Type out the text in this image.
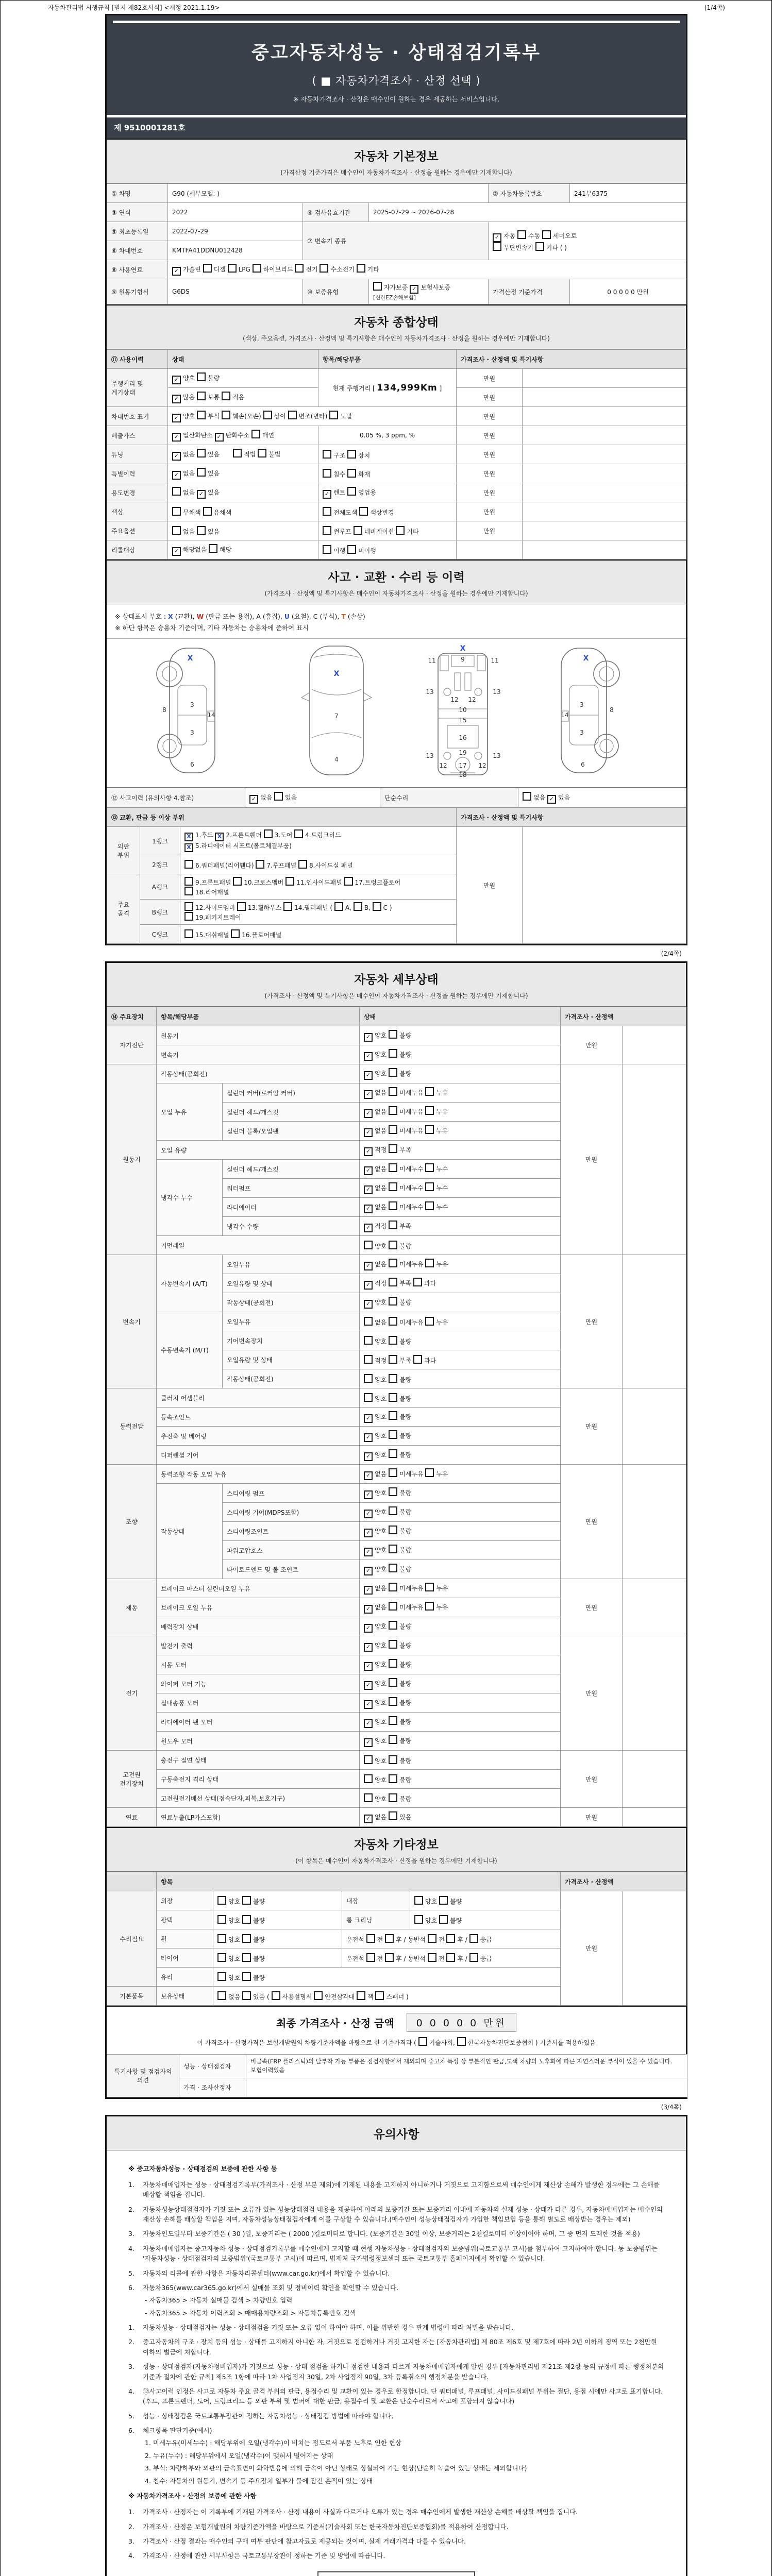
자동차관리법 시행규칙 [별지 제82호서식] <개정 2021.1.19>	(1/4쪽)
중고자동차성능 · 상태점검기록부
( ■ 자동차가격조사 · 산정 선택 )
※ 자동차가격조사 · 산정은 매수인이 원하는 경우 제공하는 서비스입니다.
제 9510001281호
자동차 기본정보
(가격산정 기준가격은 매수인이 자동차가격조사 · 산정을 원하는 경우에만 기재합니다)
① 차명	G90 (세부모델: )			② 자동차등록번호	241부6375
③ 연식	2022	④ 검사유효기간	2025-07-29 ~ 2026-07-28		
⑤ 최초등록일	2022-07-29	⑦ 변속기 종류	✓자동 수동 세미오토
무단변속기 기타 ( )
⑥ 차대번호	KMTFA41DDNU012428				
⑧ 사용연료	✓가솔린 디젤 LPG 하이브리드 전기 수소전기 기타
⑨ 원동기형식	G6DS	⑩ 보증유형	자가보증 ✓보험사보증 [신한EZ손해보험]	가격산정 기준가격	0 0 0 0 0 만원
자동차 종합상태
(색상, 주요옵션, 가격조사 · 산정액 및 특기사항은 매수인이 자동차가격조사 · 산정을 원하는 경우에만 기재합니다)
⑪ 사용이력	상태	항목/해당부품	가격조사 · 산정액 및 특기사항	
주행거리 및 계기상태	✓양호 불량	현재 주행거리 [ 134,999Km ]	만원	
✓많음 보통 적음		만원	
차대번호 표기	✓양호 부식 훼손(오손) 상이 변조(변타) 도말		만원	
배출가스	✓일산화탄소 ✓탄화수소 매연	0.05 %, 3 ppm, %	만원	
튜닝	✓없음 있음 적법 불법	구조 장치	만원	
특별이력	✓없음 있음	침수 화재	만원	
용도변경	없음 ✓있음	✓렌트 영업용	만원	
색상	무채색 유채색	전체도색 색상변경	만원	
주요옵션	없음 있음	썬루프 네비게이션 기타	만원	
리콜대상	✓해당없음 해당	이행 미이행		
사고 · 교환 · 수리 등 이력
(가격조사 · 산정액 및 특기사항은 매수인이 자동차가격조사 · 산정을 원하는 경우에만 기재합니다)
※ 상태표시 부호 : X (교환), W (판금 또는 용접), A (흠집), U (요철), C (부식), T (손상)
※ 하단 항목은 승용차 기준이며, 기타 자동차는 승용차에 준하여 표시
X
8
3
14
3
6
X
7
4
X
11	11
9
13	13
12 12
10
15
16
13	13
19
12 17 12
18
X
8
3
14
3
6
⑫ 사고이력 (유의사항 4.참조)	✓없음 있음	단순수리	없음 ✓있음
⑬ 교환, 판금 등 이상 부위			가격조사 · 산정액 및 특기사항	
외판 부위	1랭크	X1.후드 X2.프론트휀더 3.도어 4.트렁크리드
X5.라디에이터 서포트(볼트체결부품)	만원	
	2랭크	6.쿼더패널(리어휀다) 7.루프패널 8.사이드실 패널		
주요 골격	A랭크	9.프론트패널 10.크로스멤버 11.인사이드패널 17.트렁크플로어
18.리어패널		
	B랭크	12.사이드멤버 13.휠하우스 14.필러패널 ( A, B, C )
19.패키지트레이		
	C랭크	15.대쉬패널 16.플로어패널		
(2/4쪽)
자동차 세부상태
(가격조사 · 산정액 및 특기사항은 매수인이 자동차가격조사 · 산정을 원하는 경우에만 기재합니다)
⑭ 주요장치	항목/해당부품		상태	가격조사 · 산정액	
자기진단	원동기	✓양호 불량	만원	
	변속기	✓양호 불량
원동기	작동상태(공회전)	✓양호 불량	만원	
	오일 누유	실린더 커버(로커암 커버)	✓없음 미세누유 누유
		실린더 헤드/개스킷	✓없음 미세누유 누유
		실린더 블록/오일팬	✓없음 미세누유 누유
	오일 유량	✓적정 부족
	냉각수 누수	실린더 헤드/개스킷	✓없음 미세누수 누수
		워터펌프	✓없음 미세누수 누수
		라디에이터	✓없음 미세누수 누수
		냉각수 수량	✓적정 부족
	커먼레일		양호 불량		
변속기	자동변속기 (A/T)	오일누유	✓없음 미세누유 누유	만원	
		오일유량 및 상태	✓적정 부족 과다
		작동상태(공회전)	✓양호 불량
	수동변속기 (M/T)	오일누유	없음 미세누유 누유		
		기어변속장치	양호 불량		
		오일유량 및 상태	적정 부족 과다		
		작동상태(공회전)	양호 불량		
동력전달	클러치 어셈블리		양호 불량	만원	
	등속조인트	✓양호 불량
	추진축 및 베어링	✓양호 불량
	디퍼렌셜 기어	✓양호 불량
조향	동력조향 작동 오일 누유	✓없음 미세누유 누유	만원	
	작동상태	스티어링 펌프	✓양호 불량
		스티어링 기어(MDPS포함)	✓양호 불량
		스티어링조인트	✓양호 불량
		파워고압호스	✓양호 불량
		타이로드엔드 및 볼 조인트	✓양호 불량
제동	브레이크 마스터 실린더오일 누유	✓없음 미세누유 누유	만원	
	브레이크 오일 누유	✓없음 미세누유 누유
	배력장치 상태	✓양호 불량
전기	발전기 출력	✓양호 불량	만원	
	시동 모터	✓양호 불량
	와이퍼 모터 기능	✓양호 불량
	실내송풍 모터	✓양호 불량
	라디에이터 팬 모터	✓양호 불량
	윈도우 모터	✓양호 불량
고전원 전기장치	충전구 절연 상태		양호 불량	만원	
	구동축전지 격리 상태		양호 불량		
	고전원전기배선 상태(접속단자,피복,보호기구)		양호 불량		
연료	연료누출(LP가스포함)	✓없음 있음	만원	
자동차 기타정보
(이 항목은 매수인이 자동차가격조사 · 산정을 원하는 경우에만 기재합니다)
	항목				가격조사 · 산정액	
수리필요	외장	양호 불량	내장	양호 불량	만원	
	광택	양호 불량	룸 크리닝	양호 불량		
	휠	양호 불량	운전석 전 후 / 동반석 전 후 / 응급			
	타이어	양호 불량	운전석 전 후 / 동반석 전 후 / 응급			
	유리	양호 불량				
기본품목	보유상태	없음 있음 ( 사용설명서 안전삼각대 잭 스패너 )				
최종 가격조사 · 산정 금액	0 0 0 0 0 만원
이 가격조사 · 산정가격은 보험개발원의 차량기준가액을 바탕으로 한 기준가격과 ( 기술사회, 한국자동차진단보증협회 ) 기준서를 적용하였음
특기사항 및 점검자의 의견	성능 · 상태점검자	비금속(FRP 플라스틱)의 탈부착 가능 부품은 점검사항에서 제외되며 중고차 특성 상 부분적인 판금,도색 차량의 노후화에 따른 자연스러운 부식이 있을 수 있습니다. 보험이력있음
	가격 · 조사산정자	
(3/4쪽)
유의사항
※ 중고자동차성능 · 상태점검의 보증에 관한 사항 등
1.	자동차매매업자는 성능 · 상태점검기록부(가격조사 · 산정 부분 제외)에 기재된 내용을 고지하지 아니하거나 거짓으로 고지함으로써 매수인에게 재산상 손해가 발생한 경우에는 그 손해를 배상할 책임을 집니다.
2.	자동차성능상태점검자가 거짓 또는 오류가 있는 성능상태점검 내용을 제공하여 아래의 보증기간 또는 보증거리 이내에 자동차의 실제 성능 · 상태가 다른 경우, 자동차매매업자는 매수인의 재산상 손해를 배상할 책임을 지며, 자동차성능상태점검자에게 이를 구상할 수 있습니다.(매수인이 성능상태점검자가 가입한 책임보험 등을 통해 별도로 배상받는 경우는 제외)
3.	자동차인도일부터 보증기간은 ( 30 )일, 보증거리는 ( 2000 )킬로미터로 합니다. (보증기간은 30일 이상, 보증거리는 2천킬로미터 이상이어야 하며, 그 중 먼저 도래한 것을 적용)
4.	자동차매매업자는 중고자동차 성능 · 상태점검기록부를 매수인에게 고지할 때 현행 자동차성능 · 상태점검자의 보증범위(국토교통부 고시)를 첨부하여 고지하여야 합니다. 동 보증범위는 '자동차성능 · 상태점검자의 보증범위'(국토교통부 고시)에 따르며, 법제처 국가법령정보센터 또는 국토교통부 홈페이지에서 확인할 수 있습니다.
5.	자동차의 리콜에 관한 사항은 자동차리콜센터(www.car.go.kr)에서 확인할 수 있습니다.
6.	자동차365(www.car365.go.kr)에서 실매물 조회 및 정비이력 확인을 확인할 수 있습니다.
- 자동차365 > 자동차 실매물 검색 > 차량번호 입력
- 자동차365 > 자동차 이력조회 > 매매용차량조회 > 자동차등록번호 검색
1.	자동차성능 · 상태점검자는 성능 · 상태점검을 거짓 또는 오류 없이 하여야 하며, 이를 위반한 경우 관계 법령에 따라 처벌을 받습니다.
2.	중고자동차의 구조 · 장치 등의 성능 · 상태를 고지하지 아니한 자, 거짓으로 점검하거나 거짓 고지한 자는 [자동차관리법] 제 80조 제6호 및 제7호에 따라 2년 이하의 징역 또는 2천만원 이하의 벌금에 처합니다.
3.	성능 · 상태점검자(자동차정비업자)가 거짓으로 성능 · 상태 점검을 하거나 점검한 내용과 다르게 자동차매매업자에게 알린 경우 [자동차관리법 제21조 제2항 등의 규정에 따른 행정처분의 기준과 절차에 관한 규칙] 제5조 1항에 따라 1차 사업정지 30일, 2차 사업정지 90일, 3차 등록취소의 행정처분을 받습니다.
4.	⑫사고이력 인정은 사고로 자동차 주요 골격 부위의 판금, 용접수리 및 교환이 있는 경우로 한정합니다. 단 쿼터패널, 루프패널, 사이드실패널 부위는 절단, 용접 시에만 사고로 표기합니다. (후드, 프론트펜더, 도어, 트렁크리드 등 외판 부위 및 범퍼에 대한 판금, 용접수리 및 교환은 단순수리로서 사고에 포함되지 않습니다)
5.	성능 · 상태점검은 국토교통부장관이 정하는 자동차성능 · 상태점검 방법에 따라야 합니다.
6.	체크항목 판단기준(예시)
1. 미세누유(미세누수) : 해당부위에 오일(냉각수)이 비치는 정도로서 부품 노후로 인한 현상
2. 누유(누수) : 해당부위에서 오일(냉각수)이 맺혀서 떨어지는 상태
3. 부식: 차량하부와 외판의 금속표면이 화학반응에 의해 금속이 아닌 상태로 상실되어 가는 현상(단순히 녹슬어 있는 상태는 제외합니다)
4. 침수: 자동차의 원동기, 변속기 등 주요장치 일부가 물에 잠긴 흔적이 있는 상태
※ 자동차가격조사 · 산정의 보증에 관한 사항
1.	가격조사 · 산정자는 이 기록부에 기재된 가격조사 · 산정 내용이 사실과 다르거나 오류가 있는 경우 매수인에게 발생한 재산상 손해를 배상할 책임을 집니다.
2.	가격조사 · 산정은 보험개발원의 차량기준가액을 바탕으로 기준서(기술사회 또는 한국자동차진단보증협회)를 적용하여 산정합니다.
3.	가격조사 · 산정 결과는 매수인의 구매 여부 판단에 참고자료로 제공되는 것이며, 실제 거래가격과 다를 수 있습니다.
4.	가격조사 · 산정에 관한 세부사항은 국토교통부장관이 정하는 기준 및 방법에 따릅니다.
